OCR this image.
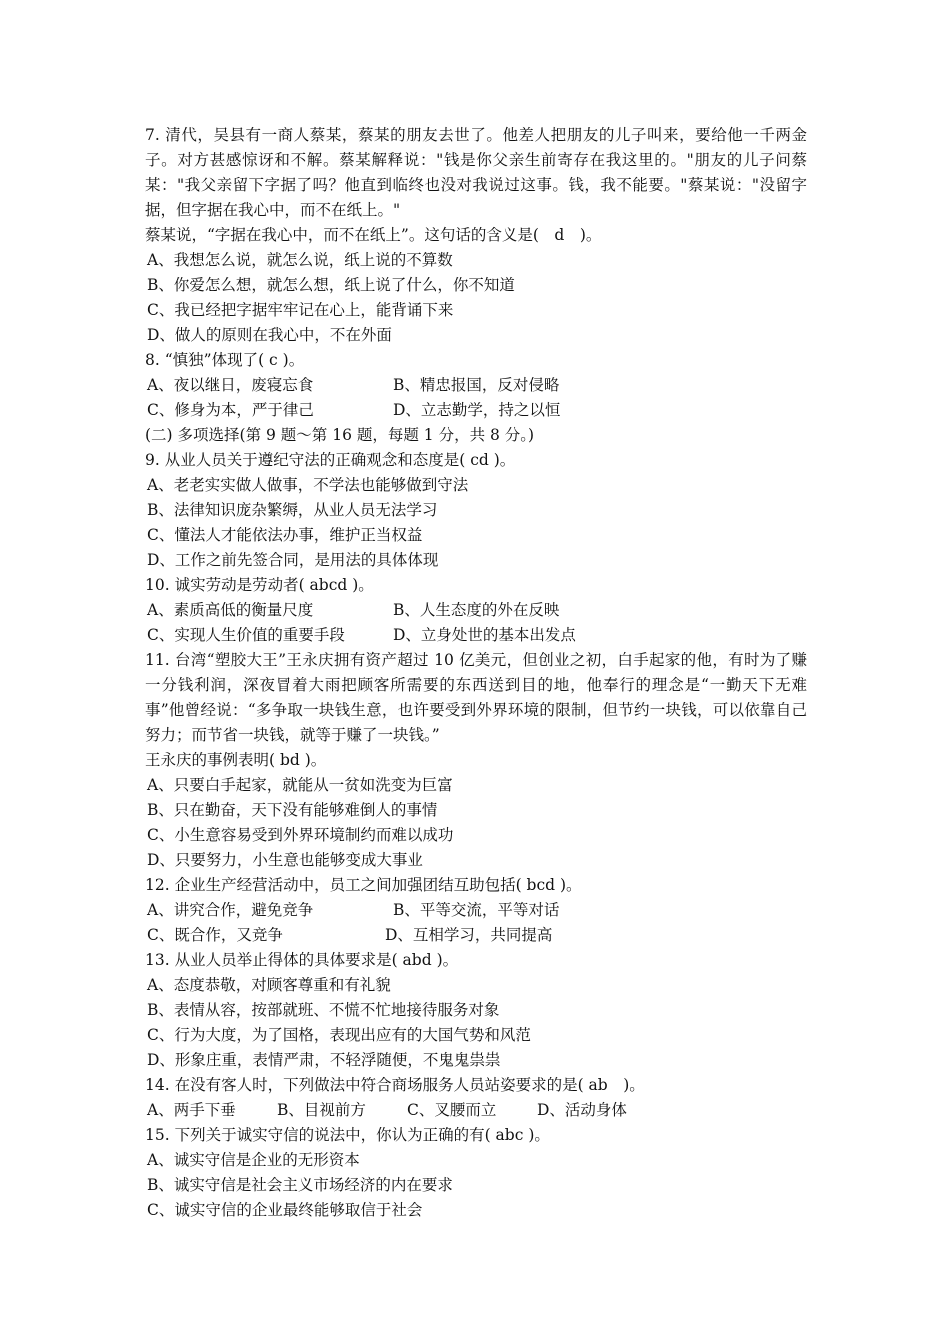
7. 清代，吴县有一商人蔡某，蔡某的朋友去世了。他差人把朋友的儿子叫来，要给他一千两金子。对方甚感惊讶和不解。蔡某解释说："钱是你父亲生前寄存在我这里的。"朋友的儿子问蔡某："我父亲留下字据了吗？他直到临终也没对我说过这事。钱，我不能要。"蔡某说："没留字据，但字据在我心中，而不在纸上。"
蔡某说，“字据在我心中，而不在纸上”。这句话的含义是(　d　)。
A、我想怎么说，就怎么说，纸上说的不算数
B、你爱怎么想，就怎么想，纸上说了什么，你不知道
C、我已经把字据牢牢记在心上，能背诵下来
D、做人的原则在我心中，不在外面
8. “慎独”体现了( c )。
A、夜以继日，废寝忘食	B、精忠报国，反对侵略
C、修身为本，严于律己	D、立志勤学，持之以恒
(二) 多项选择(第 9 题～第 16 题，每题 1 分，共 8 分。)
9. 从业人员关于遵纪守法的正确观念和态度是( cd )。
A、老老实实做人做事，不学法也能够做到守法
B、法律知识庞杂繁缛，从业人员无法学习
C、懂法人才能依法办事，维护正当权益
D、工作之前先签合同，是用法的具体体现
10. 诚实劳动是劳动者( abcd )。
A、素质高低的衡量尺度	B、人生态度的外在反映
C、实现人生价值的重要手段	D、立身处世的基本出发点
11. 台湾“塑胶大王”王永庆拥有资产超过 10 亿美元，但创业之初，白手起家的他，有时为了赚一分钱利润，深夜冒着大雨把顾客所需要的东西送到目的地，他奉行的理念是“一勤天下无难事”他曾经说：“多争取一块钱生意，也许要受到外界环境的限制，但节约一块钱，可以依靠自己努力；而节省一块钱，就等于赚了一块钱。”
王永庆的事例表明( bd )。
A、只要白手起家，就能从一贫如洗变为巨富
B、只在勤奋，天下没有能够难倒人的事情
C、小生意容易受到外界环境制约而难以成功
D、只要努力，小生意也能够变成大事业
12. 企业生产经营活动中，员工之间加强团结互助包括( bcd )。
A、讲究合作，避免竞争	B、平等交流，平等对话
C、既合作，又竞争	D、互相学习，共同提高
13. 从业人员举止得体的具体要求是( abd )。
A、态度恭敬，对顾客尊重和有礼貌
B、表情从容，按部就班、不慌不忙地接待服务对象
C、行为大度，为了国格，表现出应有的大国气势和风范
D、形象庄重，表情严肃，不轻浮随便，不鬼鬼祟祟
14. 在没有客人时，下列做法中符合商场服务人员站姿要求的是( ab　)。
A、两手下垂	B、目视前方	C、叉腰而立	D、活动身体
15. 下列关于诚实守信的说法中，你认为正确的有( abc )。
A、诚实守信是企业的无形资本
B、诚实守信是社会主义市场经济的内在要求
C、诚实守信的企业最终能够取信于社会
